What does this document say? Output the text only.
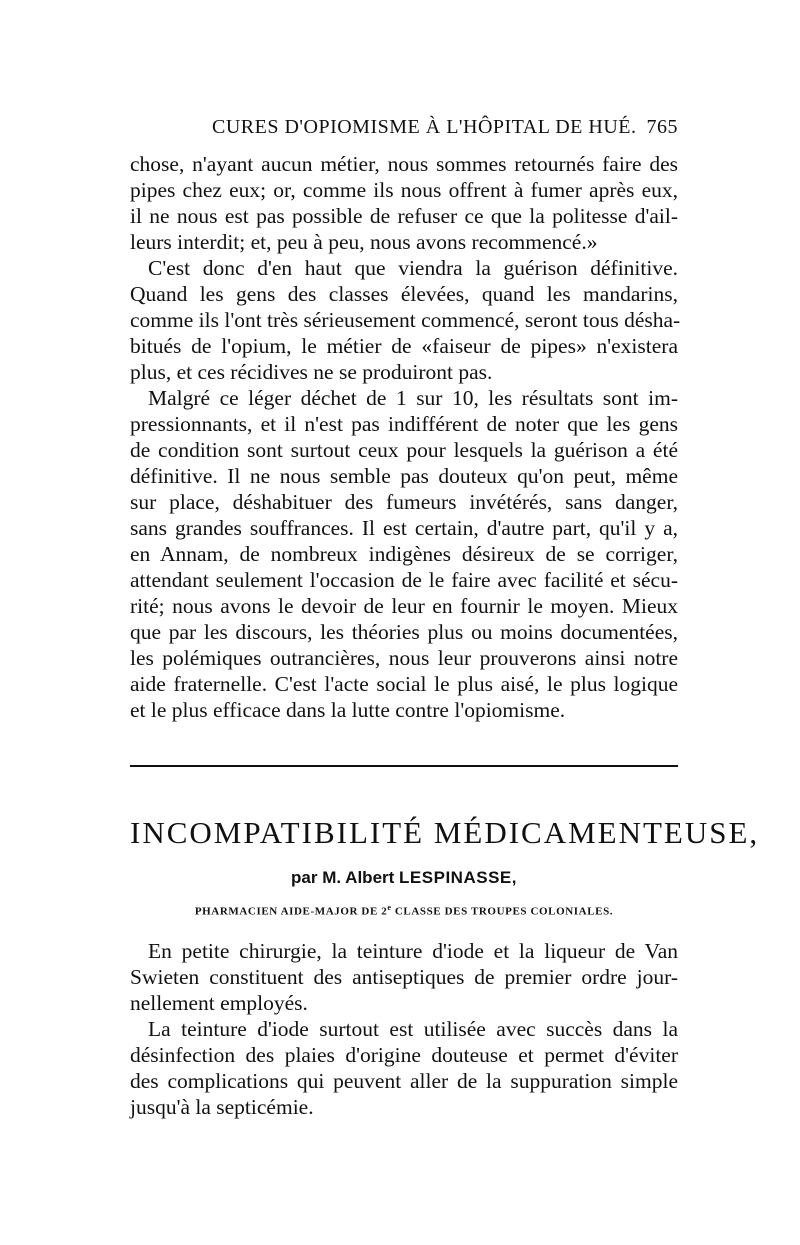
CURES D'OPIOMISME À L'HÔPITAL DE HUÉ. 765
chose, n'ayant aucun métier, nous sommes retournés faire des
pipes chez eux; or, comme ils nous offrent à fumer après eux,
il ne nous est pas possible de refuser ce que la politesse d'ail-
leurs interdit; et, peu à peu, nous avons recommencé.»
C'est donc d'en haut que viendra la guérison définitive.
Quand les gens des classes élevées, quand les mandarins,
comme ils l'ont très sérieusement commencé, seront tous désha-
bitués de l'opium, le métier de «faiseur de pipes» n'existera
plus, et ces récidives ne se produiront pas.
Malgré ce léger déchet de 1 sur 10, les résultats sont im-
pressionnants, et il n'est pas indifférent de noter que les gens
de condition sont surtout ceux pour lesquels la guérison a été
définitive. Il ne nous semble pas douteux qu'on peut, même
sur place, déshabituer des fumeurs invétérés, sans danger,
sans grandes souffrances. Il est certain, d'autre part, qu'il y a,
en Annam, de nombreux indigènes désireux de se corriger,
attendant seulement l'occasion de le faire avec facilité et sécu-
rité; nous avons le devoir de leur en fournir le moyen. Mieux
que par les discours, les théories plus ou moins documentées,
les polémiques outrancières, nous leur prouverons ainsi notre
aide fraternelle. C'est l'acte social le plus aisé, le plus logique
et le plus efficace dans la lutte contre l'opiomisme.
INCOMPATIBILITÉ MÉDICAMENTEUSE,
par M. Albert LESPINASSE,
PHARMACIEN AIDE-MAJOR DE 2e CLASSE DES TROUPES COLONIALES.
En petite chirurgie, la teinture d'iode et la liqueur de Van
Swieten constituent des antiseptiques de premier ordre jour-
nellement employés.
La teinture d'iode surtout est utilisée avec succès dans la
désinfection des plaies d'origine douteuse et permet d'éviter
des complications qui peuvent aller de la suppuration simple
jusqu'à la septicémie.
